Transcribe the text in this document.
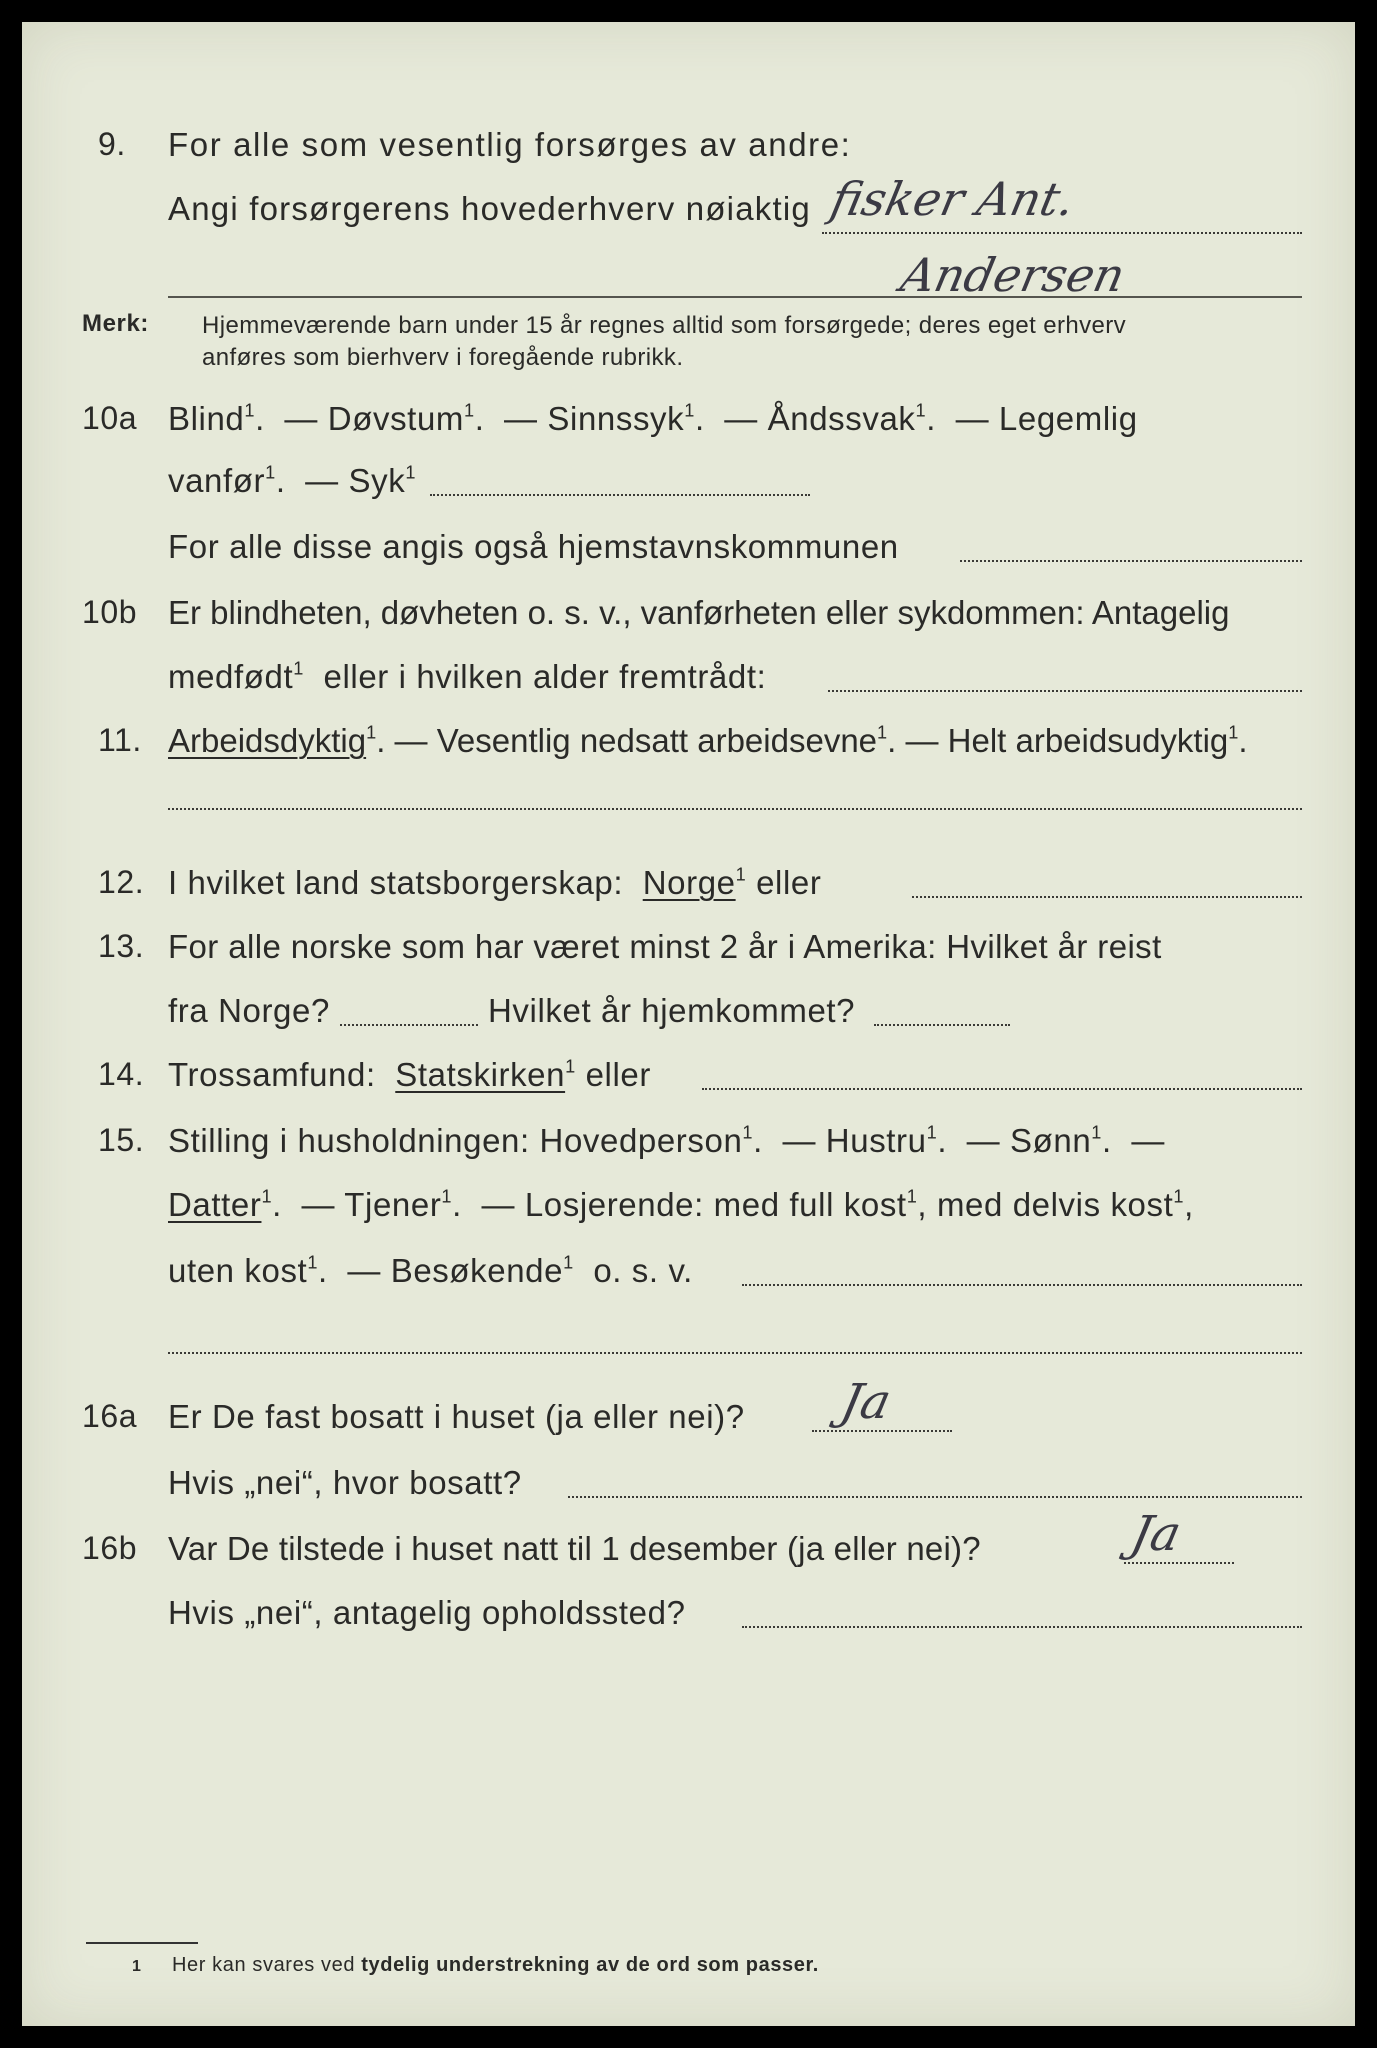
9. For alle som vesentlig forsørges av andre:
Angi forsørgerens hovederhverv nøiaktig fisker Ant.
Andersen
Merk: Hjemmeværende barn under 15 år regnes alltid som forsørgede; deres eget erhverv
anføres som bierhverv i foregående rubrikk.
10a Blind$^1$. — Døvstum$^1$. — Sinnssyk$^1$. — Åndssvak$^1$. — Legemlig
vanfør$^1$. — Syk$^1$
For alle disse angis også hjemstavnskommunen
10b Er blindheten, døvheten o. s. v., vanførheten eller sykdommen: Antagelig
medfødt$^1$ eller i hvilken alder fremtrådt:
11. Arbeidsdyktig$^1$. — Vesentlig nedsatt arbeidsevne$^1$. — Helt arbeidsudyktig$^1$.
12. I hvilket land statsborgerskap: Norge$^1$ eller
13. For alle norske som har været minst 2 år i Amerika: Hvilket år reist
fra Norge?	Hvilket år hjemkommet?
14. Trossamfund: Statskirken$^1$ eller
15. Stilling i husholdningen: Hovedperson$^1$. — Hustru$^1$. — Sønn$^1$. —
Datter$^1$. — Tjener$^1$. — Losjerende: med full kost$^1$, med delvis kost$^1$,
uten kost$^1$. — Besøkende$^1$ o. s. v.
16a Er De fast bosatt i huset (ja eller nei)? Ja
Hvis „nei“, hvor bosatt?
16b Var De tilstede i huset natt til 1 desember (ja eller nei)?	Ja
Hvis „nei“, antagelig opholdssted?
1 Her kan svares ved tydelig understrekning av de ord som passer.
